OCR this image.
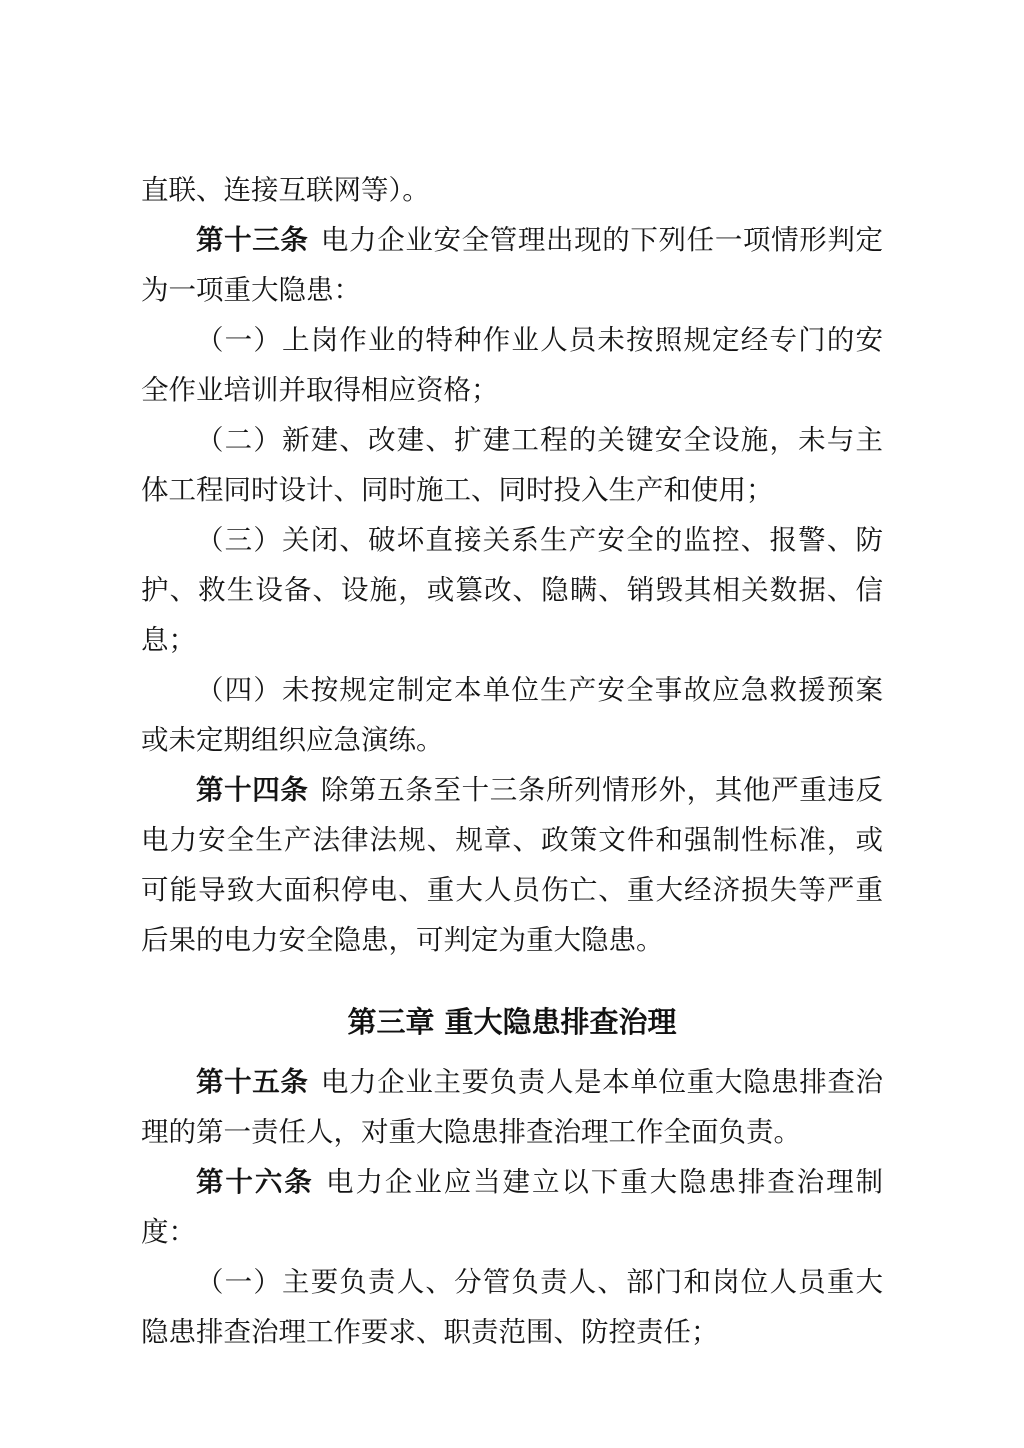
直联、连接互联网等）。

第十三条 电力企业安全管理出现的下列任一项情形判定为一项重大隐患：

（一）上岗作业的特种作业人员未按照规定经专门的安全作业培训并取得相应资格；

（二）新建、改建、扩建工程的关键安全设施，未与主体工程同时设计、同时施工、同时投入生产和使用；

（三）关闭、破坏直接关系生产安全的监控、报警、防护、救生设备、设施，或篡改、隐瞒、销毁其相关数据、信息；

（四）未按规定制定本单位生产安全事故应急救援预案或未定期组织应急演练。

第十四条 除第五条至十三条所列情形外，其他严重违反电力安全生产法律法规、规章、政策文件和强制性标准，或可能导致大面积停电、重大人员伤亡、重大经济损失等严重后果的电力安全隐患，可判定为重大隐患。

第三章 重大隐患排查治理

第十五条 电力企业主要负责人是本单位重大隐患排查治理的第一责任人，对重大隐患排查治理工作全面负责。

第十六条 电力企业应当建立以下重大隐患排查治理制度：

（一）主要负责人、分管负责人、部门和岗位人员重大隐患排查治理工作要求、职责范围、防控责任；
